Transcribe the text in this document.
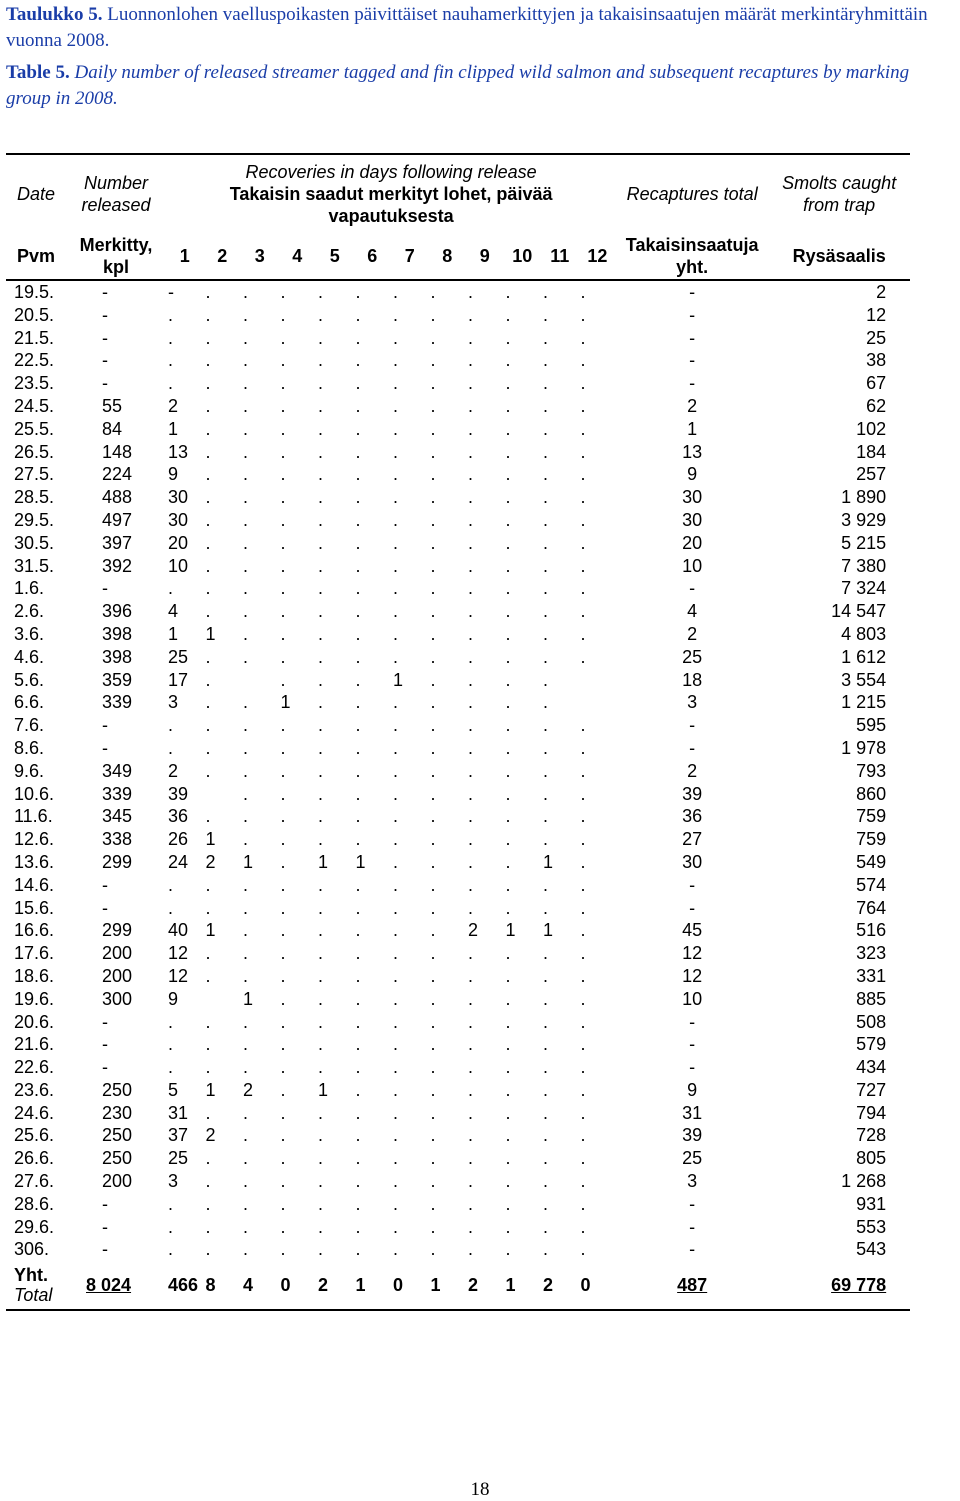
Taulukko 5. Luonnonlohen vaelluspoikasten päivittäiset nauhamerkittyjen ja takaisinsaatujen määrät merkintäryhmittäin vuonna 2008.
Table 5. Daily number of released streamer tagged and fin clipped wild salmon and subsequent recaptures by marking group in 2008.
Date	Number released	Recoveries in days following release
Takaisin saadut merkityt lohet, päivää vapautuksesta												Recaptures total	Smolts caught from trap
Pvm	Merkitty, kpl	1	2	3	4	5	6	7	8	9	10	11	12	Takaisinsaatuja yht.	Rysäsaalis
19.5.	-	-	.	.	.	.	.	.	.	.	.	.	.	-	2
20.5.	-	.	.	.	.	.	.	.	.	.	.	.	.	-	12
21.5.	-	.	.	.	.	.	.	.	.	.	.	.	.	-	25
22.5.	-	.	.	.	.	.	.	.	.	.	.	.	.	-	38
23.5.	-	.	.	.	.	.	.	.	.	.	.	.	.	-	67
24.5.	55	2	.	.	.	.	.	.	.	.	.	.	.	2	62
25.5.	84	1	.	.	.	.	.	.	.	.	.	.	.	1	102
26.5.	148	13	.	.	.	.	.	.	.	.	.	.	.	13	184
27.5.	224	9	.	.	.	.	.	.	.	.	.	.	.	9	257
28.5.	488	30	.	.	.	.	.	.	.	.	.	.	.	30	1 890
29.5.	497	30	.	.	.	.	.	.	.	.	.	.	.	30	3 929
30.5.	397	20	.	.	.	.	.	.	.	.	.	.	.	20	5 215
31.5.	392	10	.	.	.	.	.	.	.	.	.	.	.	10	7 380
1.6.	-	.	.	.	.	.	.	.	.	.	.	.	.	-	7 324
2.6.	396	4	.	.	.	.	.	.	.	.	.	.	.	4	14 547
3.6.	398	1	1	.	.	.	.	.	.	.	.	.	.	2	4 803
4.6.	398	25	.	.	.	.	.	.	.	.	.	.	.	25	1 612
5.6.	359	17	.		.	.	.	1	.	.	.	.		18	3 554
6.6.	339	3	.	.	1	.	.	.	.	.	.	.		3	1 215
7.6.	-	.	.	.	.	.	.	.	.	.	.	.	.	-	595
8.6.	-	.	.	.	.	.	.	.	.	.	.	.	.	-	1 978
9.6.	349	2	.	.	.	.	.	.	.	.	.	.	.	2	793
10.6.	339	39		.	.	.	.	.	.	.	.	.	.	39	860
11.6.	345	36	.	.	.	.	.	.	.	.	.	.	.	36	759
12.6.	338	26	1	.	.	.	.	.	.	.	.	.	.	27	759
13.6.	299	24	2	1	.	1	1	.	.	.	.	1	.	30	549
14.6.	-	.	.	.	.	.	.	.	.	.	.	.	.	-	574
15.6.	-	.	.	.	.	.	.	.	.	.	.	.	.	-	764
16.6.	299	40	1	.	.	.	.	.	.	2	1	1	.	45	516
17.6.	200	12	.	.	.	.	.	.	.	.	.	.	.	12	323
18.6.	200	12	.	.	.	.	.	.	.	.	.	.	.	12	331
19.6.	300	9		1	.	.	.	.	.	.	.	.	.	10	885
20.6.	-	.	.	.	.	.	.	.	.	.	.	.	.	-	508
21.6.	-	.	.	.	.	.	.	.	.	.	.	.	.	-	579
22.6.	-	.	.	.	.	.	.	.	.	.	.	.	.	-	434
23.6.	250	5	1	2	.	1	.	.	.	.	.	.	.	9	727
24.6.	230	31	.	.	.	.	.	.	.	.	.	.	.	31	794
25.6.	250	37	2	.	.	.	.	.	.	.	.	.	.	39	728
26.6.	250	25	.	.	.	.	.	.	.	.	.	.	.	25	805
27.6.	200	3	.	.	.	.	.	.	.	.	.	.	.	3	1 268
28.6.	-	.	.	.	.	.	.	.	.	.	.	.	.	-	931
29.6.	-	.	.	.	.	.	.	.	.	.	.	.	.	-	553
306.	-	.	.	.	.	.	.	.	.	.	.	.	.	-	543
Yht.
Total	8 024	466	8	4	0	2	1	0	1	2	1	2	0	487	69 778
18
